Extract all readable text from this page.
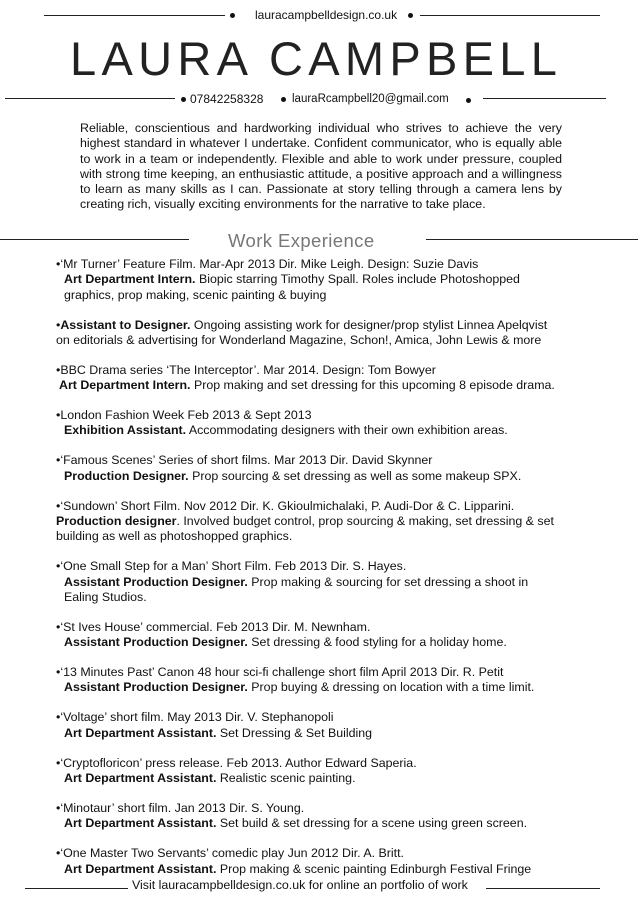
lauracampbelldesign.co.uk
LAURA CAMPBELL
07842258328 lauraRcampbell20@gmail.com
Reliable, conscientious and hardworking individual who strives to achieve the very highest standard in whatever I undertake. Confident communicator, who is equally able to work in a team or independently. Flexible and able to work under pressure, coupled with strong time keeping, an enthusiastic attitude, a positive approach and a willingness to learn as many skills as I can. Passionate at story telling through a camera lens by creating rich, visually exciting environments for the narrative to take place.
Work Experience
•‘Mr Turner’ Feature Film. Mar-Apr 2013 Dir. Mike Leigh. Design: Suzie Davis
Art Department Intern. Biopic starring Timothy Spall. Roles include Photoshopped
graphics, prop making, scenic painting & buying
•Assistant to Designer. Ongoing assisting work for designer/prop stylist Linnea Apelqvist
on editorials & advertising for Wonderland Magazine, Schon!, Amica, John Lewis & more
•BBC Drama series ‘The Interceptor’. Mar 2014. Design: Tom Bowyer
Art Department Intern. Prop making and set dressing for this upcoming 8 episode drama.
•London Fashion Week Feb 2013 & Sept 2013
Exhibition Assistant. Accommodating designers with their own exhibition areas.
•‘Famous Scenes’ Series of short films. Mar 2013 Dir. David Skynner
Production Designer. Prop sourcing & set dressing as well as some makeup SPX.
•‘Sundown’ Short Film. Nov 2012 Dir. K. Gkioulmichalaki, P. Audi-Dor & C. Lipparini.
Production designer. Involved budget control, prop sourcing & making, set dressing & set
building as well as photoshopped graphics.
•‘One Small Step for a Man’ Short Film. Feb 2013 Dir. S. Hayes.
Assistant Production Designer. Prop making & sourcing for set dressing a shoot in
Ealing Studios.
•‘St Ives House’ commercial. Feb 2013 Dir. M. Newnham.
Assistant Production Designer. Set dressing & food styling for a holiday home.
•‘13 Minutes Past’ Canon 48 hour sci-fi challenge short film April 2013 Dir. R. Petit
Assistant Production Designer. Prop buying & dressing on location with a time limit.
•‘Voltage’ short film. May 2013 Dir. V. Stephanopoli
Art Department Assistant. Set Dressing & Set Building
•‘Cryptofloricon’ press release. Feb 2013. Author Edward Saperia.
Art Department Assistant. Realistic scenic painting.
•‘Minotaur’ short film. Jan 2013 Dir. S. Young.
Art Department Assistant. Set build & set dressing for a scene using green screen.
•‘One Master Two Servants’ comedic play Jun 2012 Dir. A. Britt.
Art Department Assistant. Prop making & scenic painting Edinburgh Festival Fringe
Visit lauracampbelldesign.co.uk for online an portfolio of work
